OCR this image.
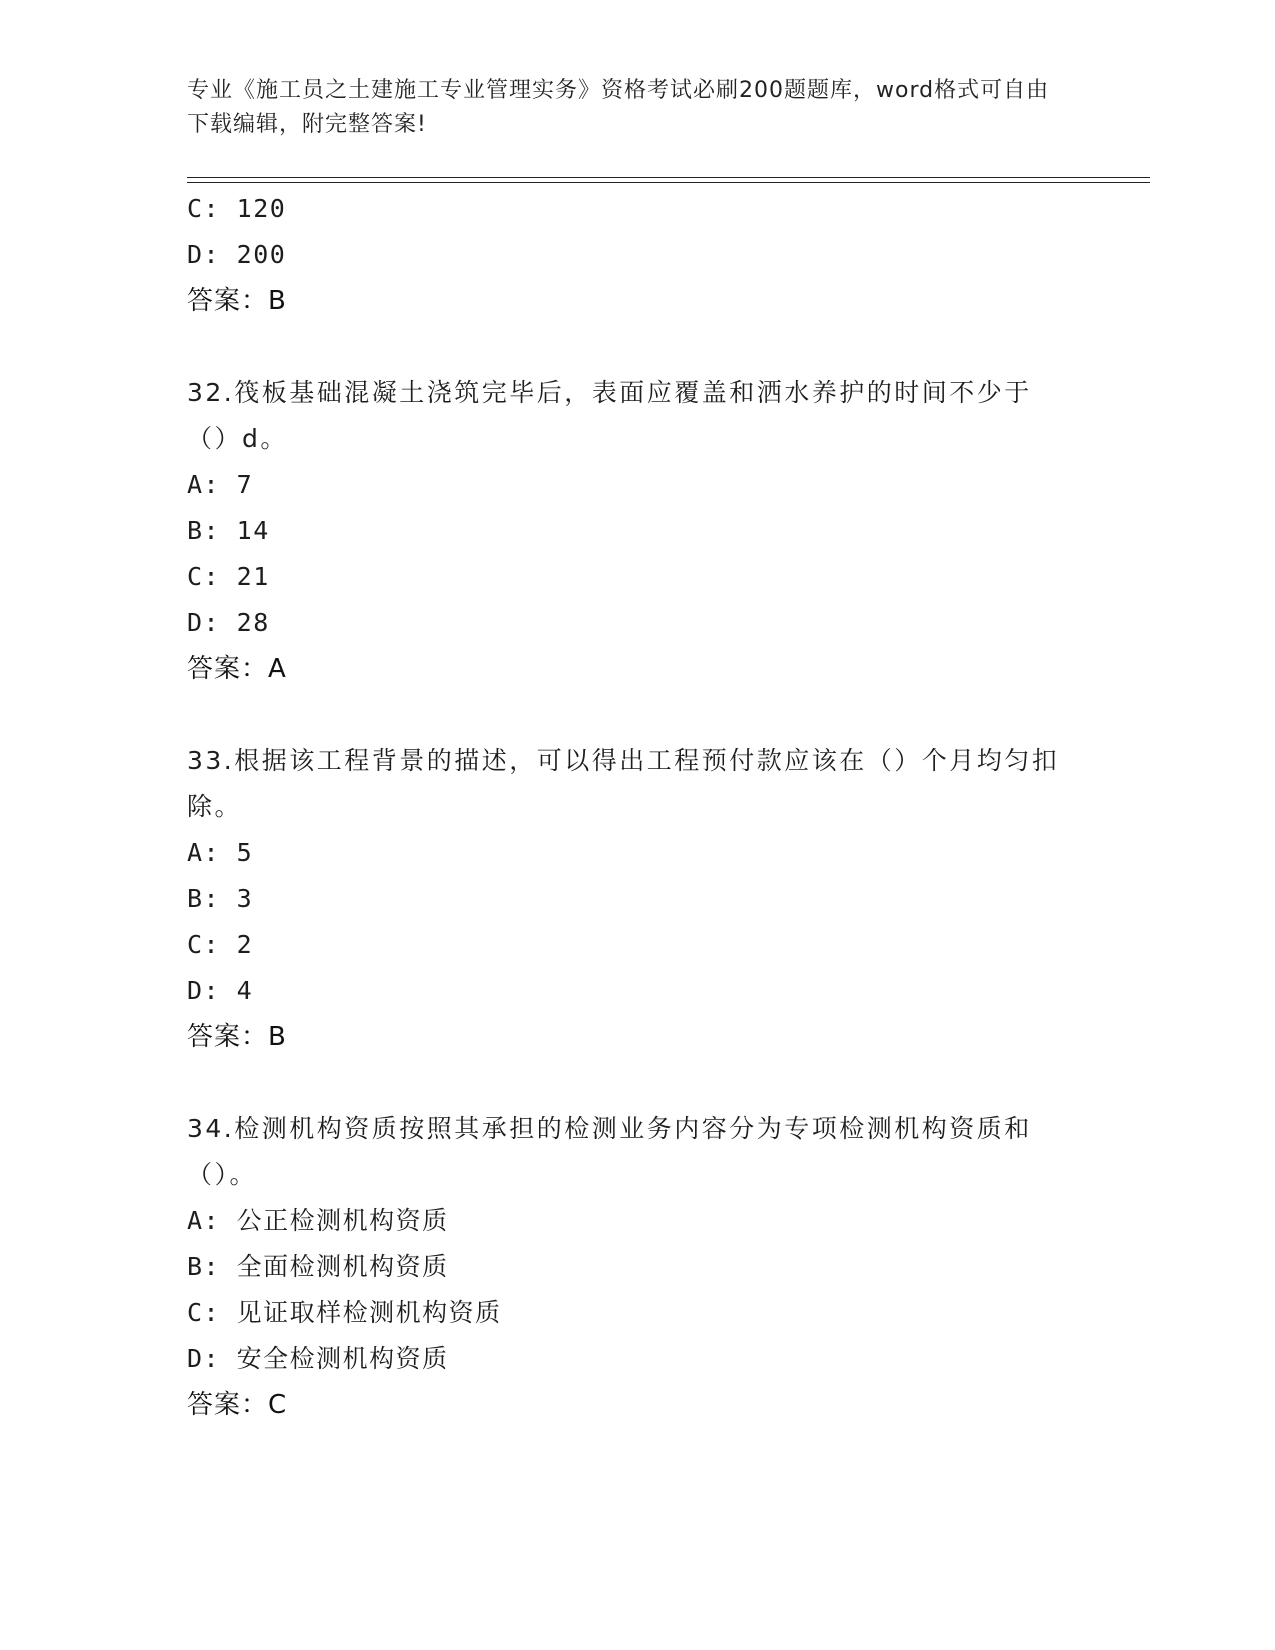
专业《施工员之土建施工专业管理实务》资格考试必刷200题题库，word格式可自由下载编辑，附完整答案!
C: 120
D: 200
答案：B
32.筏板基础混凝土浇筑完毕后，表面应覆盖和洒水养护的时间不少于（）d。
A: 7
B: 14
C: 21
D: 28
答案：A
33.根据该工程背景的描述，可以得出工程预付款应该在（）个月均匀扣除。
A: 5
B: 3
C: 2
D: 4
答案：B
34.检测机构资质按照其承担的检测业务内容分为专项检测机构资质和（）。
A: 公正检测机构资质
B: 全面检测机构资质
C: 见证取样检测机构资质
D: 安全检测机构资质
答案：C
